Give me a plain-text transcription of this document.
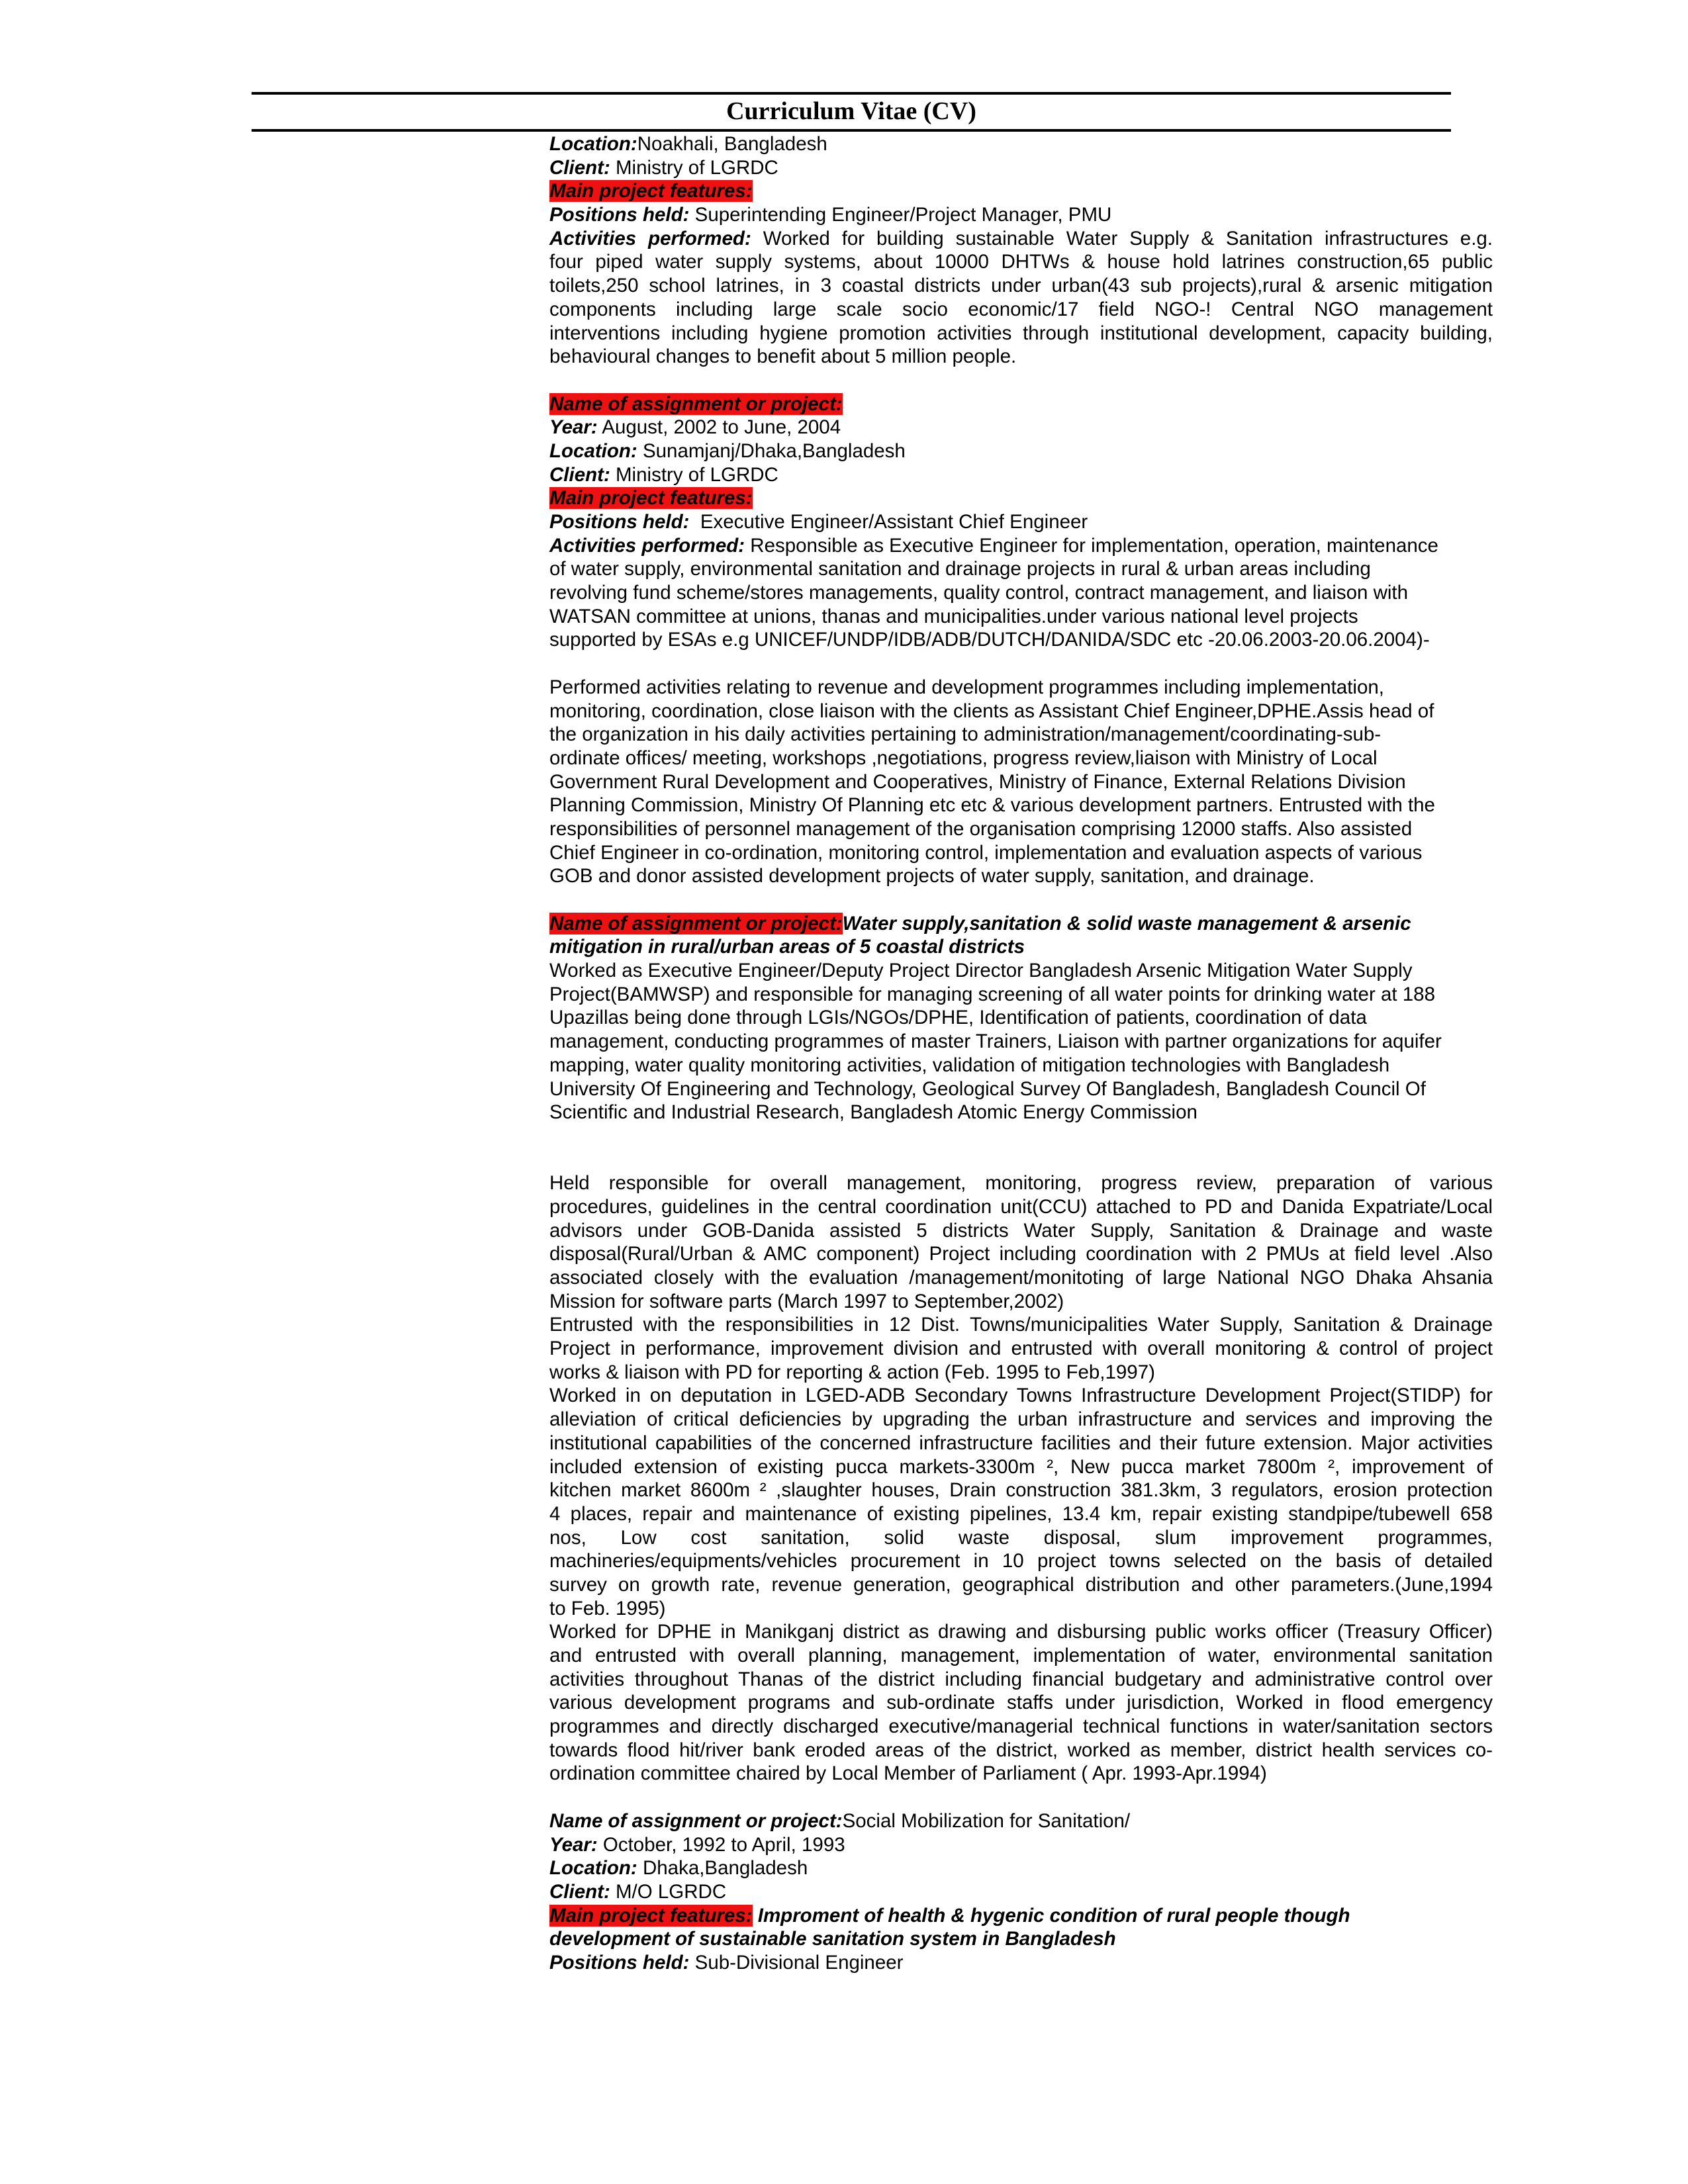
Curriculum Vitae (CV)
Location:Noakhali, Bangladesh
Client: Ministry of LGRDC
Main project features:
Positions held: Superintending Engineer/Project Manager, PMU
Activities performed: Worked for building sustainable Water Supply & Sanitation infrastructures e.g.
four piped water supply systems, about 10000 DHTWs & house hold latrines construction,65 public
toilets,250 school latrines, in 3 coastal districts under urban(43 sub projects),rural & arsenic mitigation
components including large scale socio economic/17 field NGO-! Central NGO management
interventions including hygiene promotion activities through institutional development, capacity building,
behavioural changes to benefit about 5 million people.
Name of assignment or project:
Year: August, 2002 to June, 2004
Location: Sunamjanj/Dhaka,Bangladesh
Client: Ministry of LGRDC
Main project features:
Positions held: Executive Engineer/Assistant Chief Engineer
Activities performed: Responsible as Executive Engineer for implementation, operation, maintenance
of water supply, environmental sanitation and drainage projects in rural & urban areas including
revolving fund scheme/stores managements, quality control, contract management, and liaison with
WATSAN committee at unions, thanas and municipalities.under various national level projects
supported by ESAs e.g UNICEF/UNDP/IDB/ADB/DUTCH/DANIDA/SDC etc -20.06.2003-20.06.2004)-
Performed activities relating to revenue and development programmes including implementation,
monitoring, coordination, close liaison with the clients as Assistant Chief Engineer,DPHE.Assis head of
the organization in his daily activities pertaining to administration/management/coordinating-sub-
ordinate offices/ meeting, workshops ,negotiations, progress review,liaison with Ministry of Local
Government Rural Development and Cooperatives, Ministry of Finance, External Relations Division
Planning Commission, Ministry Of Planning etc etc & various development partners. Entrusted with the
responsibilities of personnel management of the organisation comprising 12000 staffs. Also assisted
Chief Engineer in co-ordination, monitoring control, implementation and evaluation aspects of various
GOB and donor assisted development projects of water supply, sanitation, and drainage.
Name of assignment or project:Water supply,sanitation & solid waste management & arsenic
mitigation in rural/urban areas of 5 coastal districts
Worked as Executive Engineer/Deputy Project Director Bangladesh Arsenic Mitigation Water Supply
Project(BAMWSP) and responsible for managing screening of all water points for drinking water at 188
Upazillas being done through LGIs/NGOs/DPHE, Identification of patients, coordination of data
management, conducting programmes of master Trainers, Liaison with partner organizations for aquifer
mapping, water quality monitoring activities, validation of mitigation technologies with Bangladesh
University Of Engineering and Technology, Geological Survey Of Bangladesh, Bangladesh Council Of
Scientific and Industrial Research, Bangladesh Atomic Energy Commission
Held responsible for overall management, monitoring, progress review, preparation of various
procedures, guidelines in the central coordination unit(CCU) attached to PD and Danida Expatriate/Local
advisors under GOB-Danida assisted 5 districts Water Supply, Sanitation & Drainage and waste
disposal(Rural/Urban & AMC component) Project including coordination with 2 PMUs at field level .Also
associated closely with the evaluation /management/monitoting of large National NGO Dhaka Ahsania
Mission for software parts (March 1997 to September,2002)
Entrusted with the responsibilities in 12 Dist. Towns/municipalities Water Supply, Sanitation & Drainage
Project in performance, improvement division and entrusted with overall monitoring & control of project
works & liaison with PD for reporting & action (Feb. 1995 to Feb,1997)
Worked in on deputation in LGED-ADB Secondary Towns Infrastructure Development Project(STIDP) for
alleviation of critical deficiencies by upgrading the urban infrastructure and services and improving the
institutional capabilities of the concerned infrastructure facilities and their future extension. Major activities
included extension of existing pucca markets-3300m ², New pucca market 7800m ², improvement of
kitchen market 8600m ² ,slaughter houses, Drain construction 381.3km, 3 regulators, erosion protection
4 places, repair and maintenance of existing pipelines, 13.4 km, repair existing standpipe/tubewell 658
nos, Low cost sanitation, solid waste disposal, slum improvement programmes,
machineries/equipments/vehicles procurement in 10 project towns selected on the basis of detailed
survey on growth rate, revenue generation, geographical distribution and other parameters.(June,1994
to Feb. 1995)
Worked for DPHE in Manikganj district as drawing and disbursing public works officer (Treasury Officer)
and entrusted with overall planning, management, implementation of water, environmental sanitation
activities throughout Thanas of the district including financial budgetary and administrative control over
various development programs and sub-ordinate staffs under jurisdiction, Worked in flood emergency
programmes and directly discharged executive/managerial technical functions in water/sanitation sectors
towards flood hit/river bank eroded areas of the district, worked as member, district health services co-
ordination committee chaired by Local Member of Parliament ( Apr. 1993-Apr.1994)
Name of assignment or project:Social Mobilization for Sanitation/
Year: October, 1992 to April, 1993
Location: Dhaka,Bangladesh
Client: M/O LGRDC
Main project features: Improment of health & hygenic condition of rural people though
development of sustainable sanitation system in Bangladesh
Positions held: Sub-Divisional Engineer
